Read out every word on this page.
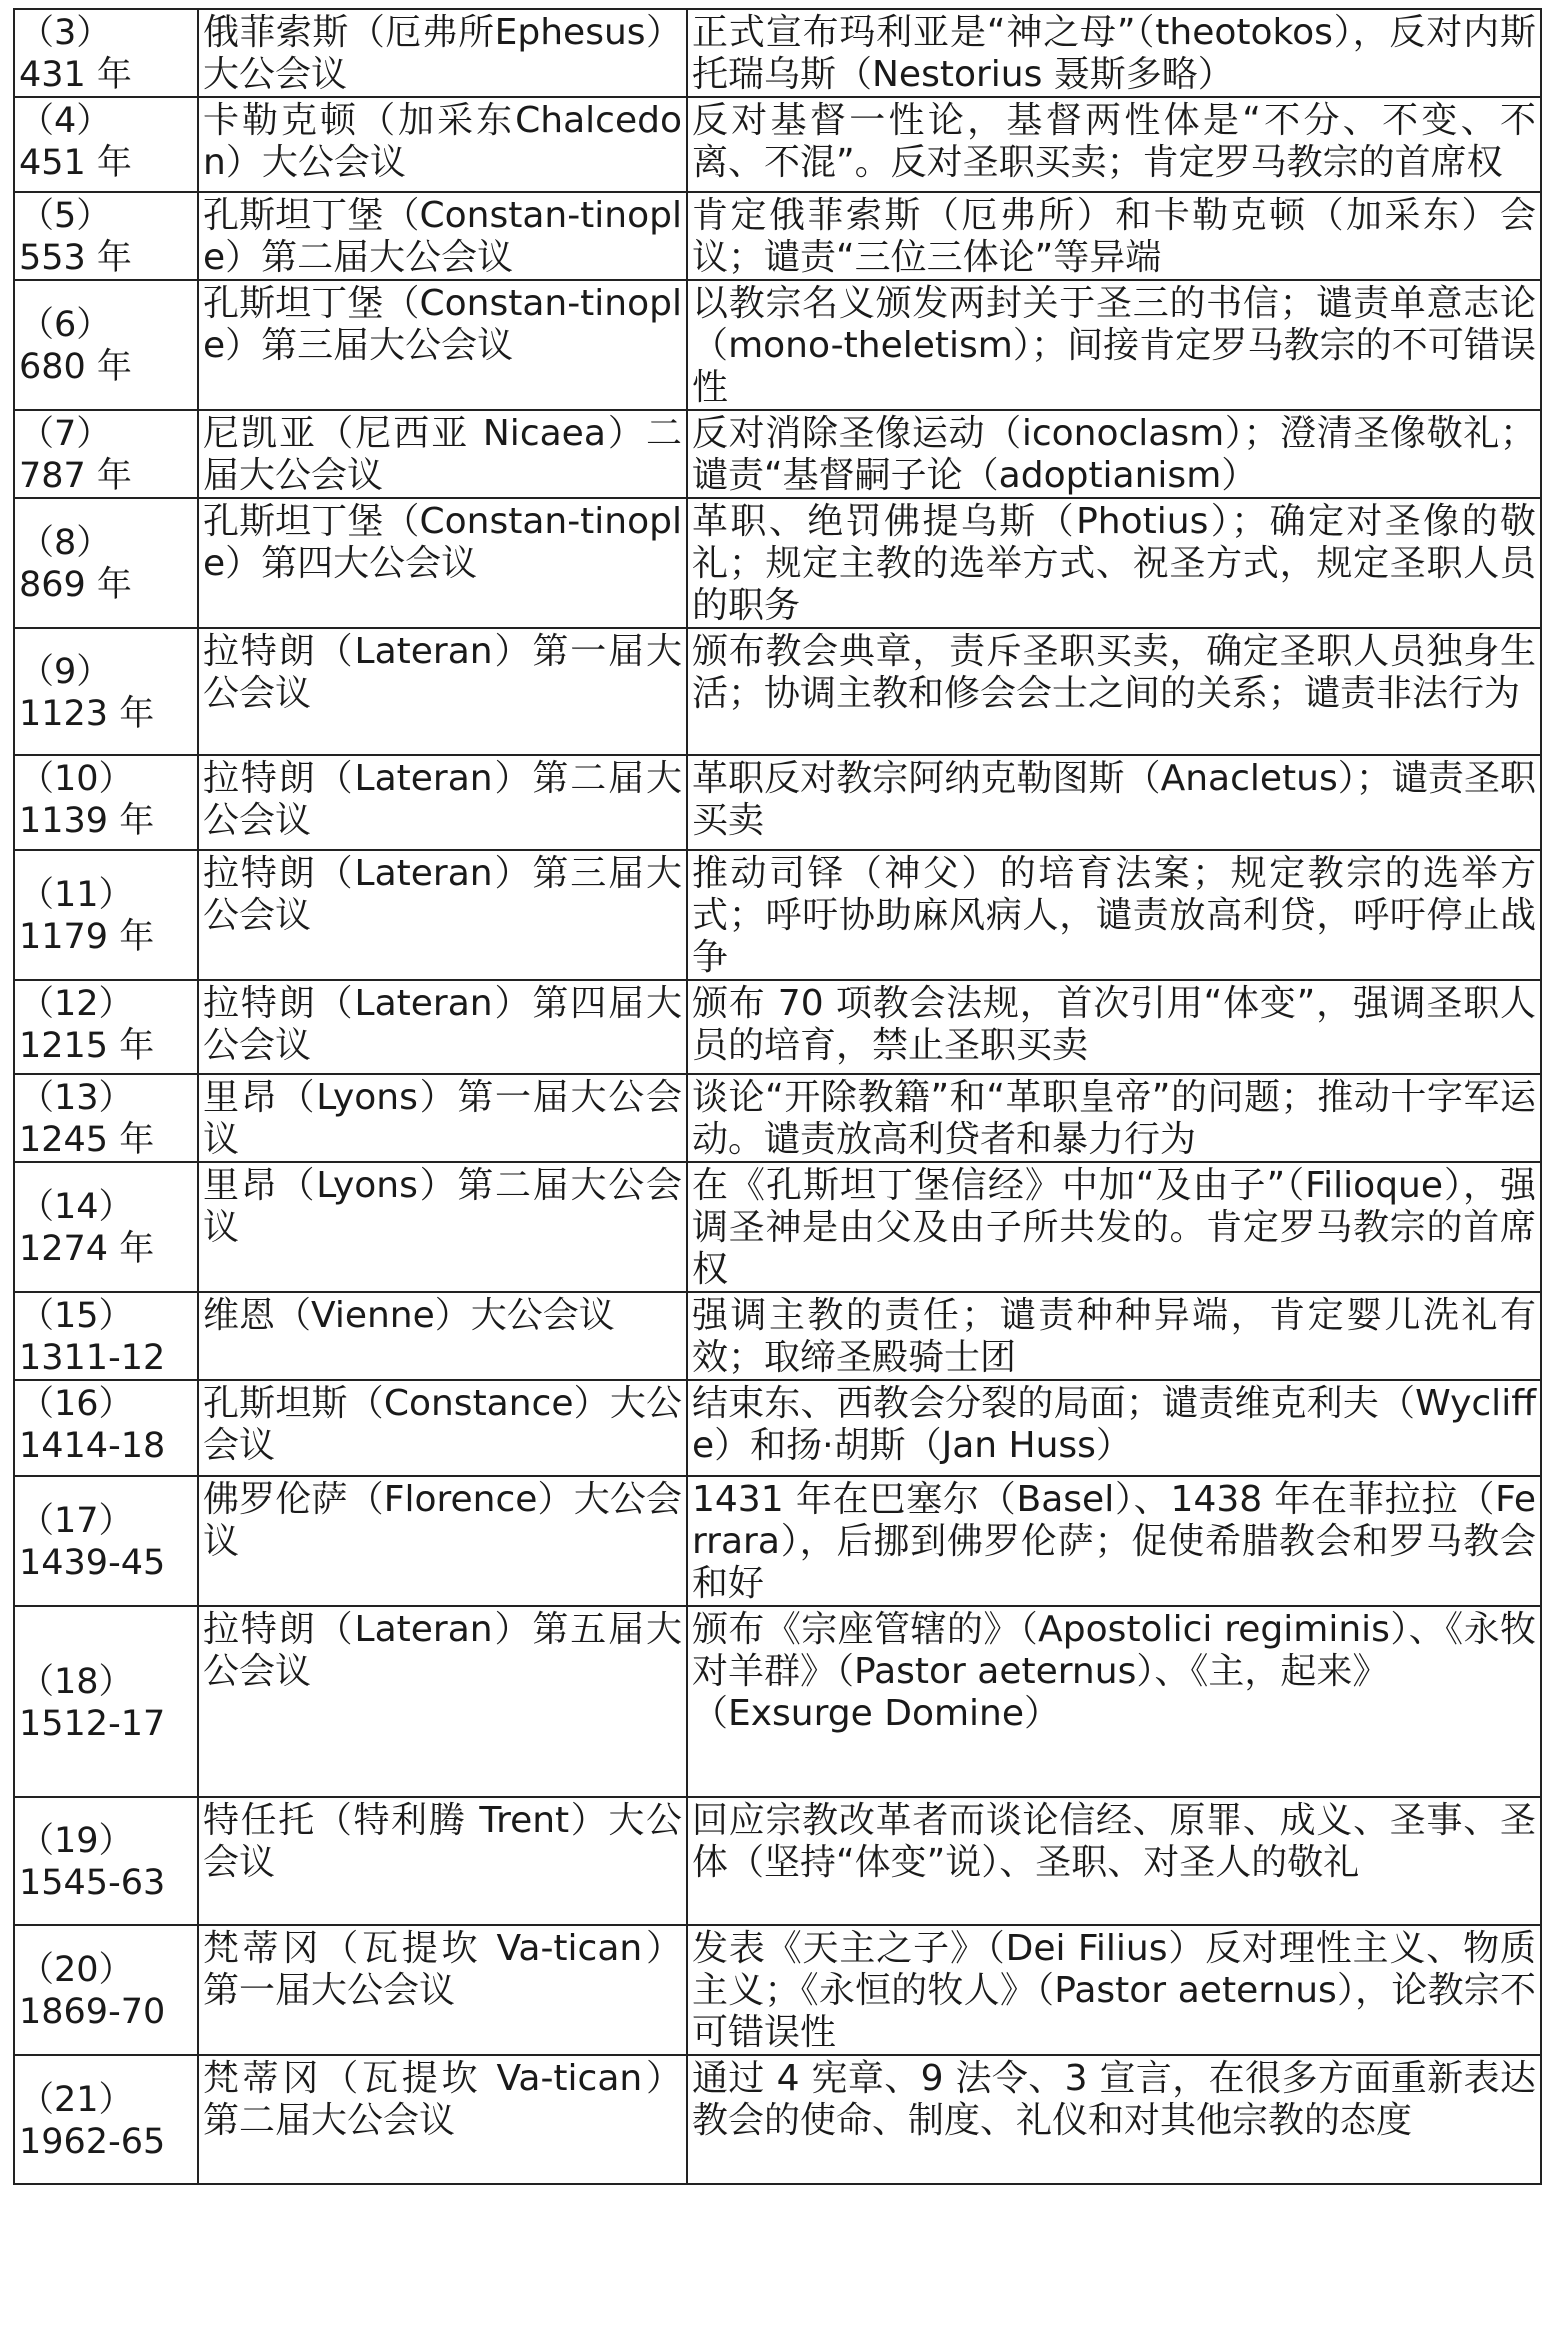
（3）
431 年	俄菲索斯（厄弗所Ephesus）大公会议	正式宣布玛利亚是“神之母”（theotokos），反对内斯托瑞乌斯（Nestorius 聂斯多略）

（4）
451 年	卡勒克顿（加采东Chalcedon）大公会议	反对基督一性论，基督两性体是“不分、不变、不离、不混”。反对圣职买卖；肯定罗马教宗的首席权

（5）
553 年	孔斯坦丁堡（Constan-tinople）第二届大公会议	肯定俄菲索斯（厄弗所）和卡勒克顿（加采东）会议；谴责“三位三体论”等异端

（6）
680 年	孔斯坦丁堡（Constan-tinople）第三届大公会议	以教宗名义颁发两封关于圣三的书信；谴责单意志论（mono-theletism）；间接肯定罗马教宗的不可错误性

（7）
787 年	尼凯亚（尼西亚 Nicaea）二届大公会议	反对消除圣像运动（iconoclasm）；澄清圣像敬礼；谴责“基督嗣子论（adoptianism）

（8）
869 年	孔斯坦丁堡（Constan-tinople）第四大公会议	革职、绝罚佛提乌斯（Photius）；确定对圣像的敬礼；规定主教的选举方式、祝圣方式，规定圣职人员的职务

（9）
1123 年	拉特朗（Lateran）第一届大公会议	颁布教会典章，责斥圣职买卖，确定圣职人员独身生活；协调主教和修会会士之间的关系；谴责非法行为

（10）
1139 年	拉特朗（Lateran）第二届大公会议	革职反对教宗阿纳克勒图斯（Anacletus）；谴责圣职买卖

（11）
1179 年	拉特朗（Lateran）第三届大公会议	推动司铎（神父）的培育法案；规定教宗的选举方式；呼吁协助麻风病人，谴责放高利贷，呼吁停止战争

（12）
1215 年	拉特朗（Lateran）第四届大公会议	颁布 70 项教会法规，首次引用“体变”，强调圣职人员的培育，禁止圣职买卖

（13）
1245 年	里昂（Lyons）第一届大公会议	谈论“开除教籍”和“革职皇帝”的问题；推动十字军运动。谴责放高利贷者和暴力行为

（14）
1274 年	里昂（Lyons）第二届大公会议	在《孔斯坦丁堡信经》中加“及由子”（Filioque），强调圣神是由父及由子所共发的。肯定罗马教宗的首席权

（15）
1311-12	维恩（Vienne）大公会议	强调主教的责任；谴责种种异端，肯定婴儿洗礼有效；取缔圣殿骑士团

（16）
1414-18	孔斯坦斯（Constance）大公会议	结束东、西教会分裂的局面；谴责维克利夫（Wycliffe）和扬·胡斯（Jan Huss）

（17）
1439-45	佛罗伦萨（Florence）大公会议	1431 年在巴塞尔（Basel）、1438 年在菲拉拉（Ferrara），后挪到佛罗伦萨；促使希腊教会和罗马教会和好

（18）
1512-17	拉特朗（Lateran）第五届大公会议	颁布《宗座管辖的》（Apostolici regiminis）、《永牧对羊群》（Pastor aeternus）、《主，起来》
（Exsurge Domine）

（19）
1545-63	特任托（特利腾 Trent）大公会议	回应宗教改革者而谈论信经、原罪、成义、圣事、圣体（坚持“体变”说）、圣职、对圣人的敬礼

（20）
1869-70	梵蒂冈（瓦提坎 Va-tican）第一届大公会议	发表《天主之子》（Dei Filius）反对理性主义、物质主义；《永恒的牧人》（Pastor aeternus），论教宗不可错误性

（21）
1962-65	梵蒂冈（瓦提坎 Va-tican）第二届大公会议	通过 4 宪章、9 法令、3 宣言，在很多方面重新表达教会的使命、制度、礼仪和对其他宗教的态度
